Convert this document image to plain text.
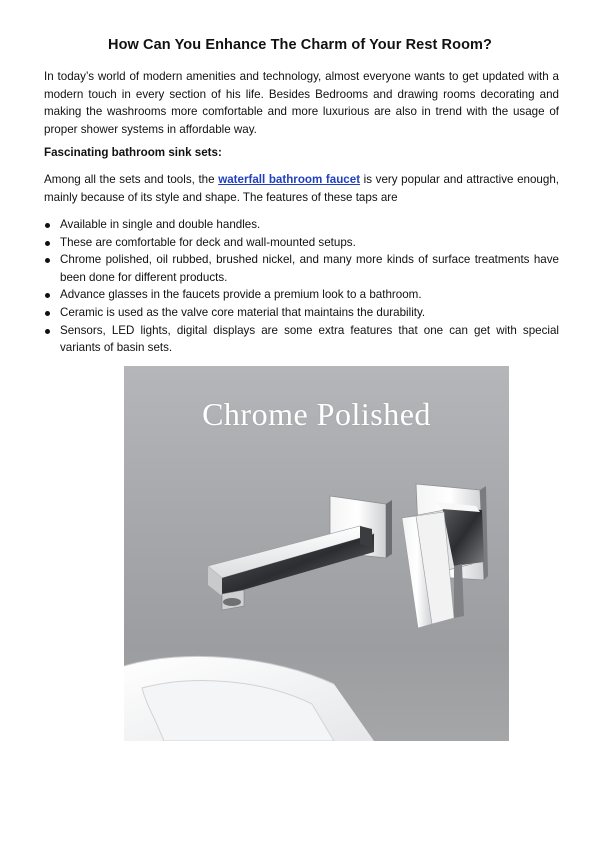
How Can You Enhance The Charm of Your Rest Room?

In today’s world of modern amenities and technology, almost everyone wants to get updated with a modern touch in every section of his life. Besides Bedrooms and drawing rooms decorating and making the washrooms more comfortable and more luxurious are also in trend with the usage of proper shower systems in affordable way.

Fascinating bathroom sink sets:

Among all the sets and tools, the waterfall bathroom faucet is very popular and attractive enough, mainly because of its style and shape. The features of these taps are

Available in single and double handles.
These are comfortable for deck and wall-mounted setups.
Chrome polished, oil rubbed, brushed nickel, and many more kinds of surface treatments have been done for different products.
Advance glasses in the faucets provide a premium look to a bathroom.
Ceramic is used as the valve core material that maintains the durability.
Sensors, LED lights, digital displays are some extra features that one can get with special variants of basin sets.
Chrome Polished
